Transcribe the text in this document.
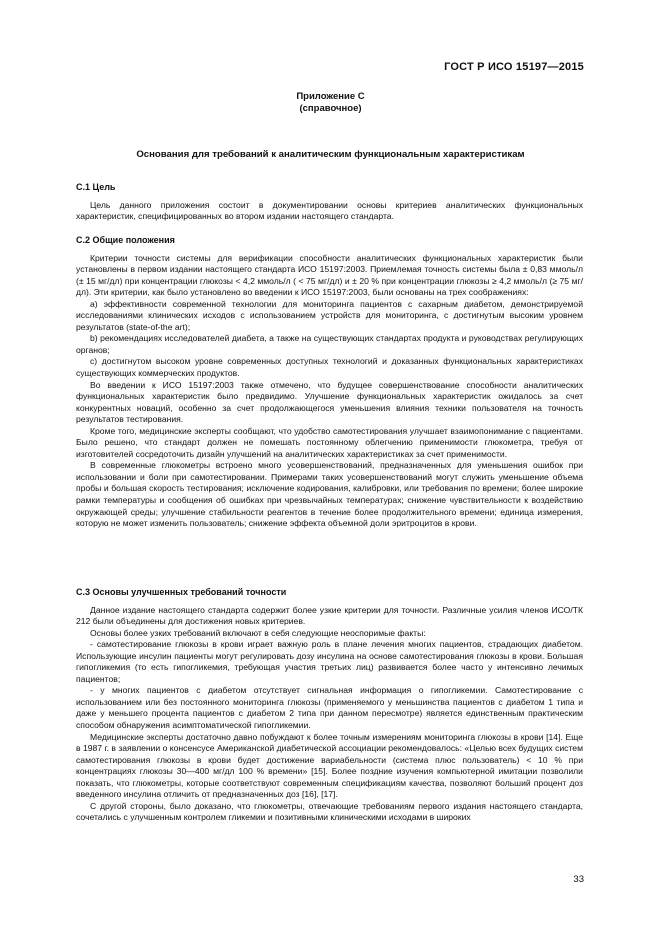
ГОСТ Р ИСО 15197—2015
Приложение С
(справочное)
Основания для требований к аналитическим функциональным характеристикам

С.1 Цель

Цель данного приложения состоит в документировании основы критериев аналитических функциональных характеристик, специфицированных во втором издании настоящего стандарта.

С.2 Общие положения

Критерии точности системы для верификации способности аналитических функциональных характеристик были установлены в первом издании настоящего стандарта ИСО 15197:2003. Приемлемая точность системы была ± 0,83 ммоль/л (± 15 мг/дл) при концентрации глюкозы < 4,2 ммоль/л ( < 75 мг/дл) и ± 20 % при концентрации глюкозы ≥ 4,2 ммоль/л (≥ 75 мг/дл). Эти критерии, как было установлено во введении к ИСО 15197:2003, были основаны на трех соображениях:

а) эффективности современной технологии для мониторинга пациентов с сахарным диабетом, демонстрируемой исследованиями клинических исходов с использованием устройств для мониторинга, с достигнутым высоким уровнем результатов (state-of-the art);

b) рекомендациях исследователей диабета, а также на существующих стандартах продукта и руководствах регулирующих органов;

с) достигнутом высоком уровне современных доступных технологий и доказанных функциональных характеристиках существующих коммерческих продуктов.

Во введении к ИСО 15197:2003 также отмечено, что будущее совершенствование способности аналитических функциональных характеристик было предвидимо. Улучшение функциональных характеристик ожидалось за счет конкурентных новаций, особенно за счет продолжающегося уменьшения влияния техники пользователя на точность результатов тестирования.

Кроме того, медицинские эксперты сообщают, что удобство самотестирования улучшает взаимопонимание с пациентами. Было решено, что стандарт должен не помешать постоянному облегчению применимости глюкометра, требуя от изготовителей сосредоточить дизайн улучшений на аналитических характеристиках за счет применимости.

В современные глюкометры встроено много усовершенствований, предназначенных для уменьшения ошибок при использовании и боли при самотестировании. Примерами таких усовершенствований могут служить уменьшение объема пробы и большая скорость тестирования; исключение кодирования, калибровки, или требования по времени; более широкие рамки температуры и сообщения об ошибках при чрезвычайных температурах; снижение чувствительности к воздействию окружающей среды; улучшение стабильности реагентов в течение более продолжительного времени; единица измерения, которую не может изменить пользователь; снижение эффекта объемной доли эритроцитов в крови.

С.3 Основы улучшенных требований точности

Данное издание настоящего стандарта содержит более узкие критерии для точности. Различные усилия членов ИСО/ТК 212 были объединены для достижения новых критериев.

Основы более узких требований включают в себя следующие неоспоримые факты:

- самотестирование глюкозы в крови играет важную роль в плане лечения многих пациентов, страдающих диабетом. Использующие инсулин пациенты могут регулировать дозу инсулина на основе самотестирования глюкозы в крови. Большая гипогликемия (то есть гипогликемия, требующая участия третьих лиц) развивается более часто у интенсивно лечимых пациентов;

- у многих пациентов с диабетом отсутствует сигнальная информация о гипогликемии. Самотестирование с использованием или без постоянного мониторинга глюкозы (применяемого у меньшинства пациентов с диабетом 1 типа и даже у меньшего процента пациентов с диабетом 2 типа при данном пересмотре) является единственным практическим способом обнаружения асимптоматической гипогликемии.

Медицинские эксперты достаточно давно побуждают к более точным измерениям мониторинга глюкозы в крови [14]. Еще в 1987 г. в заявлении о консенсусе Американской диабетической ассоциации рекомендовалось: «Целью всех будущих систем самотестирования глюкозы в крови будет достижение вариабельности (система плюс пользователь) < 10 % при концентрациях глюкозы 30—400 мг/дл 100 % времени» [15]. Более поздние изучения компьютерной имитации позволили показать, что глюкометры, которые соответствуют современным спецификациям качества, позволяют больший процент доз введенного инсулина отличить от предназначенных доз [16], [17].

С другой стороны, было доказано, что глюкометры, отвечающие требованиям первого издания настоящего стандарта, сочетались с улучшенным контролем гликемии и позитивными клиническими исходами в широких

33
